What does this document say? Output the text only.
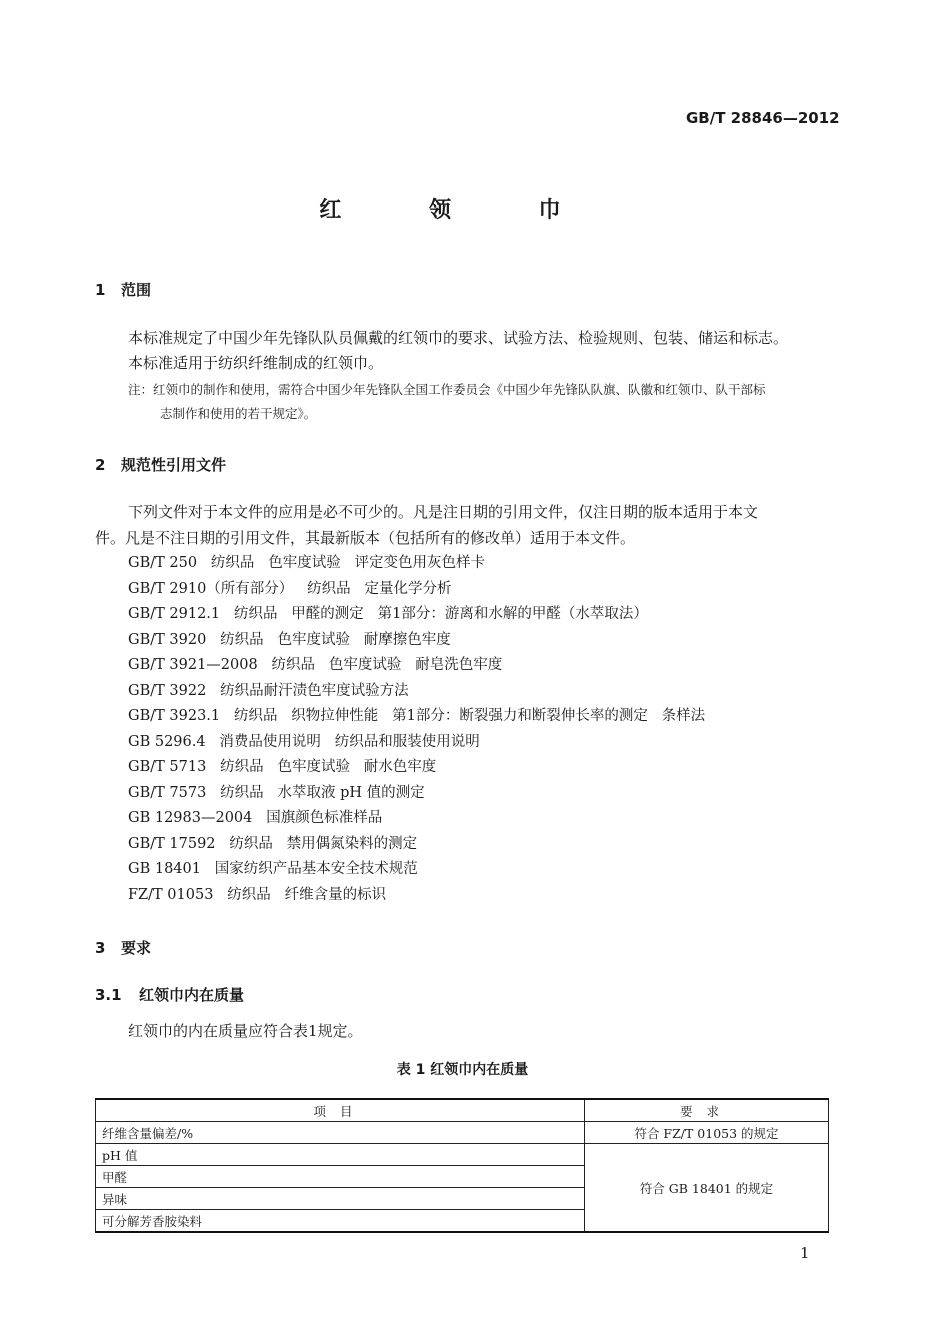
GB/T 28846—2012
红 领 巾
1 范围
本标准规定了中国少年先锋队队员佩戴的红领巾的要求、试验方法、检验规则、包装、储运和标志。
本标准适用于纺织纤维制成的红领巾。
注：红领巾的制作和使用，需符合中国少年先锋队全国工作委员会《中国少年先锋队队旗、队徽和红领巾、队干部标
志制作和使用的若干规定》。
2 规范性引用文件
下列文件对于本文件的应用是必不可少的。凡是注日期的引用文件，仅注日期的版本适用于本文
件。凡是不注日期的引用文件，其最新版本（包括所有的修改单）适用于本文件。
GB/T 250   纺织品   色牢度试验   评定变色用灰色样卡
GB/T 2910（所有部分）   纺织品   定量化学分析
GB/T 2912.1   纺织品   甲醛的测定   第1部分：游离和水解的甲醛（水萃取法）
GB/T 3920   纺织品   色牢度试验   耐摩擦色牢度
GB/T 3921—2008   纺织品   色牢度试验   耐皂洗色牢度
GB/T 3922   纺织品耐汗渍色牢度试验方法
GB/T 3923.1   纺织品   织物拉伸性能   第1部分：断裂强力和断裂伸长率的测定   条样法
GB 5296.4   消费品使用说明   纺织品和服装使用说明
GB/T 5713   纺织品   色牢度试验   耐水色牢度
GB/T 7573   纺织品   水萃取液 pH 值的测定
GB 12983—2004   国旗颜色标准样品
GB/T 17592   纺织品   禁用偶氮染料的测定
GB 18401   国家纺织产品基本安全技术规范
FZ/T 01053   纺织品   纤维含量的标识
3 要求
3.1 红领巾内在质量
红领巾的内在质量应符合表1规定。
表 1 红领巾内在质量
项目	要求
纤维含量偏差/%	符合 FZ/T 01053 的规定
pH 值	符合 GB 18401 的规定
甲醛	
异味	
可分解芳香胺染料	
1
